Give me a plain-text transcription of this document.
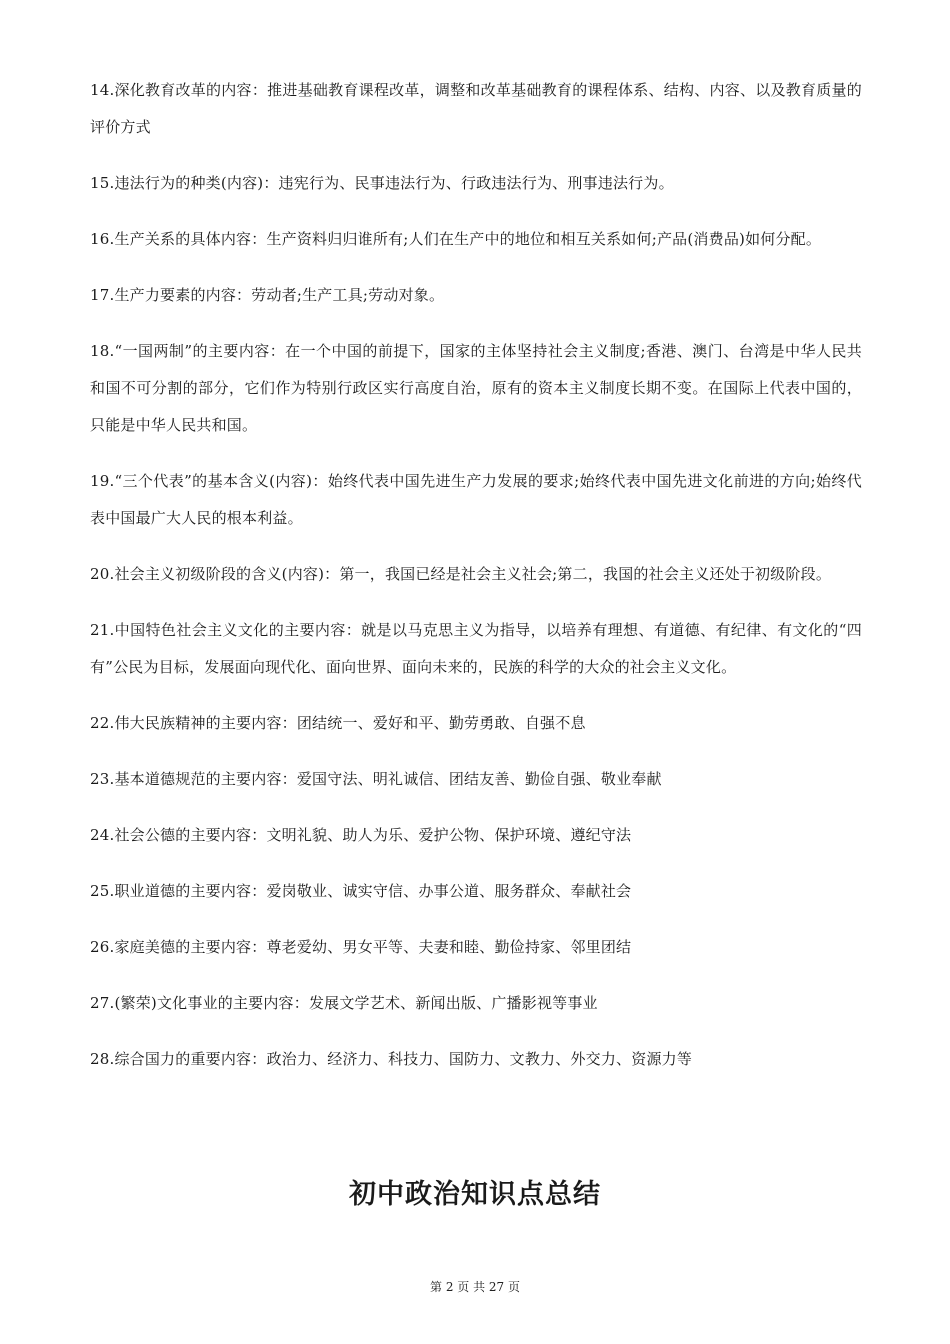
14.深化教育改革的内容：推进基础教育课程改革，调整和改革基础教育的课程体系、结构、内容、以及教育质量的评价方式

15.违法行为的种类(内容)：违宪行为、民事违法行为、行政违法行为、刑事违法行为。

16.生产关系的具体内容：生产资料归归谁所有;人们在生产中的地位和相互关系如何;产品(消费品)如何分配。

17.生产力要素的内容：劳动者;生产工具;劳动对象。

18.“一国两制”的主要内容：在一个中国的前提下，国家的主体坚持社会主义制度;香港、澳门、台湾是中华人民共和国不可分割的部分，它们作为特别行政区实行高度自治，原有的资本主义制度长期不变。在国际上代表中国的，只能是中华人民共和国。

19.“三个代表”的基本含义(内容)：始终代表中国先进生产力发展的要求;始终代表中国先进文化前进的方向;始终代表中国最广大人民的根本利益。

20.社会主义初级阶段的含义(内容)：第一，我国已经是社会主义社会;第二，我国的社会主义还处于初级阶段。

21.中国特色社会主义文化的主要内容：就是以马克思主义为指导，以培养有理想、有道德、有纪律、有文化的“四有”公民为目标，发展面向现代化、面向世界、面向未来的，民族的科学的大众的社会主义文化。

22.伟大民族精神的主要内容：团结统一、爱好和平、勤劳勇敢、自强不息

23.基本道德规范的主要内容：爱国守法、明礼诚信、团结友善、勤俭自强、敬业奉献

24.社会公德的主要内容：文明礼貌、助人为乐、爱护公物、保护环境、遵纪守法

25.职业道德的主要内容：爱岗敬业、诚实守信、办事公道、服务群众、奉献社会

26.家庭美德的主要内容：尊老爱幼、男女平等、夫妻和睦、勤俭持家、邻里团结

27.(繁荣)文化事业的主要内容：发展文学艺术、新闻出版、广播影视等事业

28.综合国力的重要内容：政治力、经济力、科技力、国防力、文教力、外交力、资源力等

初中政治知识点总结
第 2 页 共 27 页
